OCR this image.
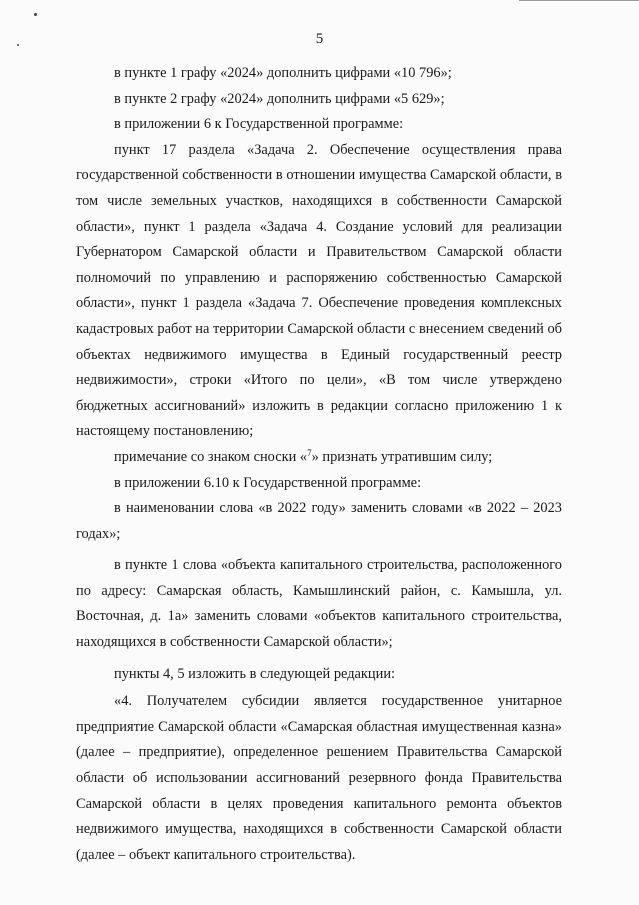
5

в пункте 1 графу «2024» дополнить цифрами «10 796»;

в пункте 2 графу «2024» дополнить цифрами «5 629»;

в приложении 6 к Государственной программе:

пункт 17 раздела «Задача 2. Обеспечение осуществления права государственной собственности в отношении имущества Самарской области, в том числе земельных участков, находящихся в собственности Самарской области», пункт 1 раздела «Задача 4. Создание условий для реализации Губернатором Самарской области и Правительством Самарской области полномочий по управлению и распоряжению собственностью Самарской области», пункт 1 раздела «Задача 7. Обеспечение проведения комплексных кадастровых работ на территории Самарской области с внесением сведений об объектах недвижимого имущества в Единый государственный реестр недвижимости», строки «Итого по цели», «В том числе утверждено бюджетных ассигнований» изложить в редакции согласно приложению 1 к настоящему постановлению;

примечание со знаком сноски «$^7$» признать утратившим силу;

в приложении 6.10 к Государственной программе:

в наименовании слова «в 2022 году» заменить словами «в 2022 – 2023 годах»;

в пункте 1 слова «объекта капитального строительства, расположенного по адресу: Самарская область, Камышлинский район, с. Камышла, ул. Восточная, д. 1а» заменить словами «объектов капитального строительства, находящихся в собственности Самарской области»;

пункты 4, 5 изложить в следующей редакции:

«4. Получателем субсидии является государственное унитарное предприятие Самарской области «Самарская областная имущественная казна» (далее – предприятие), определенное решением Правительства Самарской области об использовании ассигнований резервного фонда Правительства Самарской области в целях проведения капитального ремонта объектов недвижимого имущества, находящихся в собственности Самарской области (далее – объект капитального строительства).
